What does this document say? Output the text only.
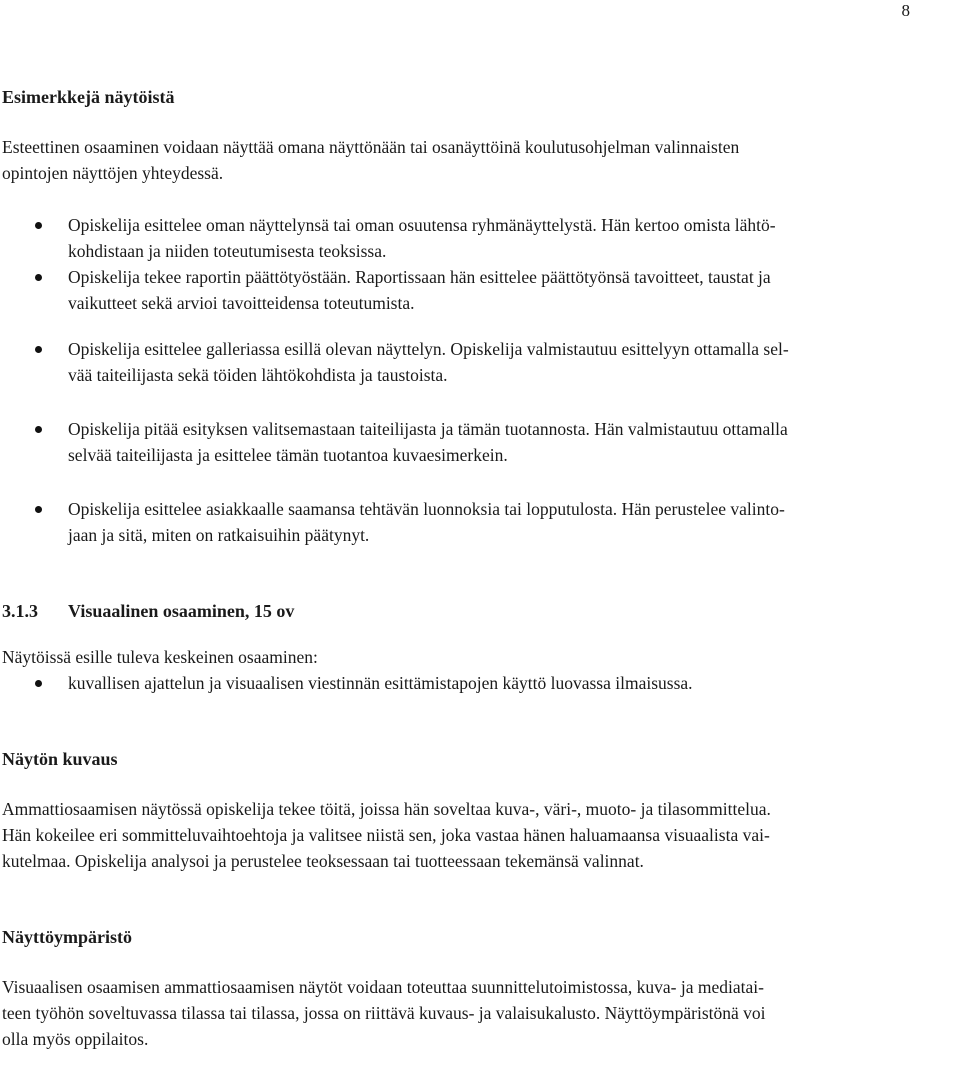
8
Esimerkkejä näytöistä

Esteettinen osaaminen voidaan näyttää omana näyttönään tai osanäyttöinä koulutusohjelman valinnaisten
opintojen näyttöjen yhteydessä.

Opiskelija esittelee oman näyttelynsä tai oman osuutensa ryhmänäyttelystä. Hän kertoo omista lähtö-
kohdistaan ja niiden toteutumisesta teoksissa.
Opiskelija tekee raportin päättötyöstään. Raportissaan hän esittelee päättötyönsä tavoitteet, taustat ja
vaikutteet sekä arvioi tavoitteidensa toteutumista.
Opiskelija esittelee galleriassa esillä olevan näyttelyn. Opiskelija valmistautuu esittelyyn ottamalla sel-
vää taiteilijasta sekä töiden lähtökohdista ja taustoista.
Opiskelija pitää esityksen valitsemastaan taiteilijasta ja tämän tuotannosta. Hän valmistautuu ottamalla
selvää taiteilijasta ja esittelee tämän tuotantoa kuvaesimerkein.
Opiskelija esittelee asiakkaalle saamansa tehtävän luonnoksia tai lopputulosta. Hän perustelee valinto-
jaan ja sitä, miten on ratkaisuihin päätynyt.
3.1.3	Visuaalinen osaaminen, 15 ov

Näytöissä esille tuleva keskeinen osaaminen:

kuvallisen ajattelun ja visuaalisen viestinnän esittämistapojen käyttö luovassa ilmaisussa.
Näytön kuvaus

Ammattiosaamisen näytössä opiskelija tekee töitä, joissa hän soveltaa kuva-, väri-, muoto- ja tilasommittelua.
Hän kokeilee eri sommitteluvaihtoehtoja ja valitsee niistä sen, joka vastaa hänen haluamaansa visuaalista vai-
kutelmaa. Opiskelija analysoi ja perustelee teoksessaan tai tuotteessaan tekemänsä valinnat.

Näyttöympäristö

Visuaalisen osaamisen ammattiosaamisen näytöt voidaan toteuttaa suunnittelutoimistossa, kuva- ja mediatai-
teen työhön soveltuvassa tilassa tai tilassa, jossa on riittävä kuvaus- ja valaisukalusto. Näyttöympäristönä voi
olla myös oppilaitos.
